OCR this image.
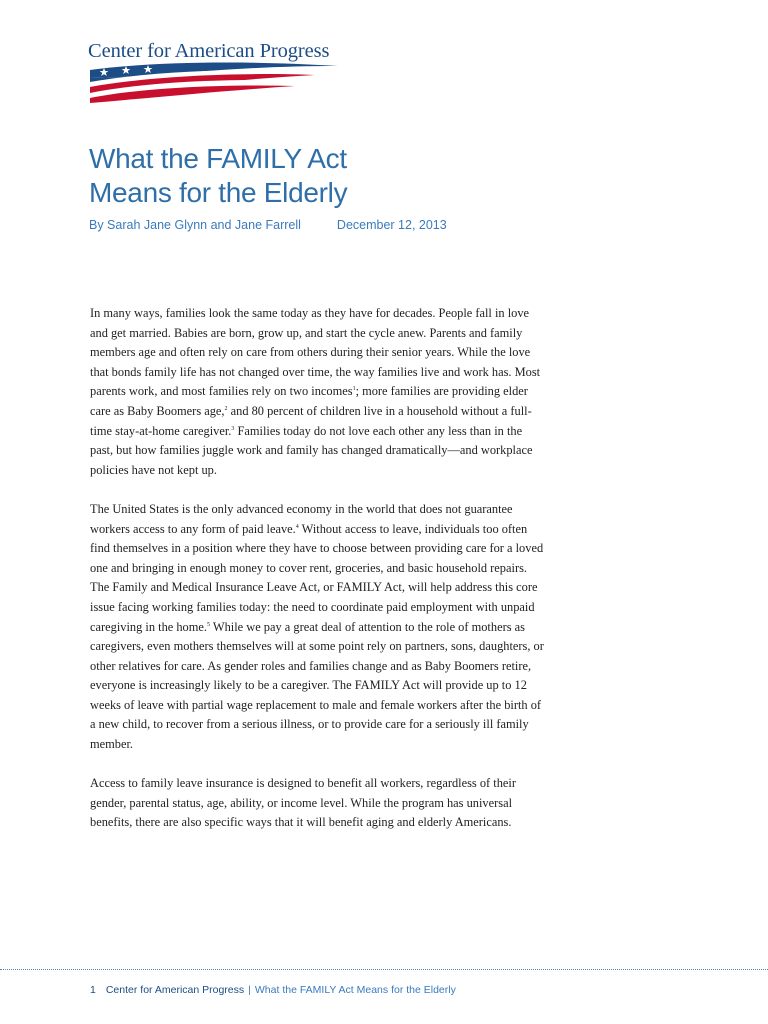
Center for American Progress
What the FAMILY Act
Means for the Elderly
By Sarah Jane Glynn and Jane Farrell	December 12, 2013

In many ways, families look the same today as they have for decades. People fall in love and get married. Babies are born, grow up, and start the cycle anew. Parents and family members age and often rely on care from others during their senior years. While the love that bonds family life has not changed over time, the way families live and work has. Most parents work, and most families rely on two incomes$^1$; more families are providing elder care as Baby Boomers age,$^2$ and 80 percent of children live in a household without a full-time stay-at-home caregiver.$^3$ Families today do not love each other any less than in the past, but how families juggle work and family has changed dramatically—and workplace policies have not kept up.

The United States is the only advanced economy in the world that does not guarantee workers access to any form of paid leave.$^4$ Without access to leave, individuals too often find themselves in a position where they have to choose between providing care for a loved one and bringing in enough money to cover rent, groceries, and basic household repairs. The Family and Medical Insurance Leave Act, or FAMILY Act, will help address this core issue facing working families today: the need to coordinate paid employment with unpaid caregiving in the home.$^5$ While we pay a great deal of attention to the role of mothers as caregivers, even mothers themselves will at some point rely on partners, sons, daughters, or other relatives for care. As gender roles and families change and as Baby Boomers retire, everyone is increasingly likely to be a caregiver. The FAMILY Act will provide up to 12 weeks of leave with partial wage replacement to male and female workers after the birth of a new child, to recover from a serious illness, or to provide care for a seriously ill family member.

Access to family leave insurance is designed to benefit all workers, regardless of their gender, parental status, age, ability, or income level. While the program has universal benefits, there are also specific ways that it will benefit aging and elderly Americans.

1 Center for American Progress | What the FAMILY Act Means for the Elderly
